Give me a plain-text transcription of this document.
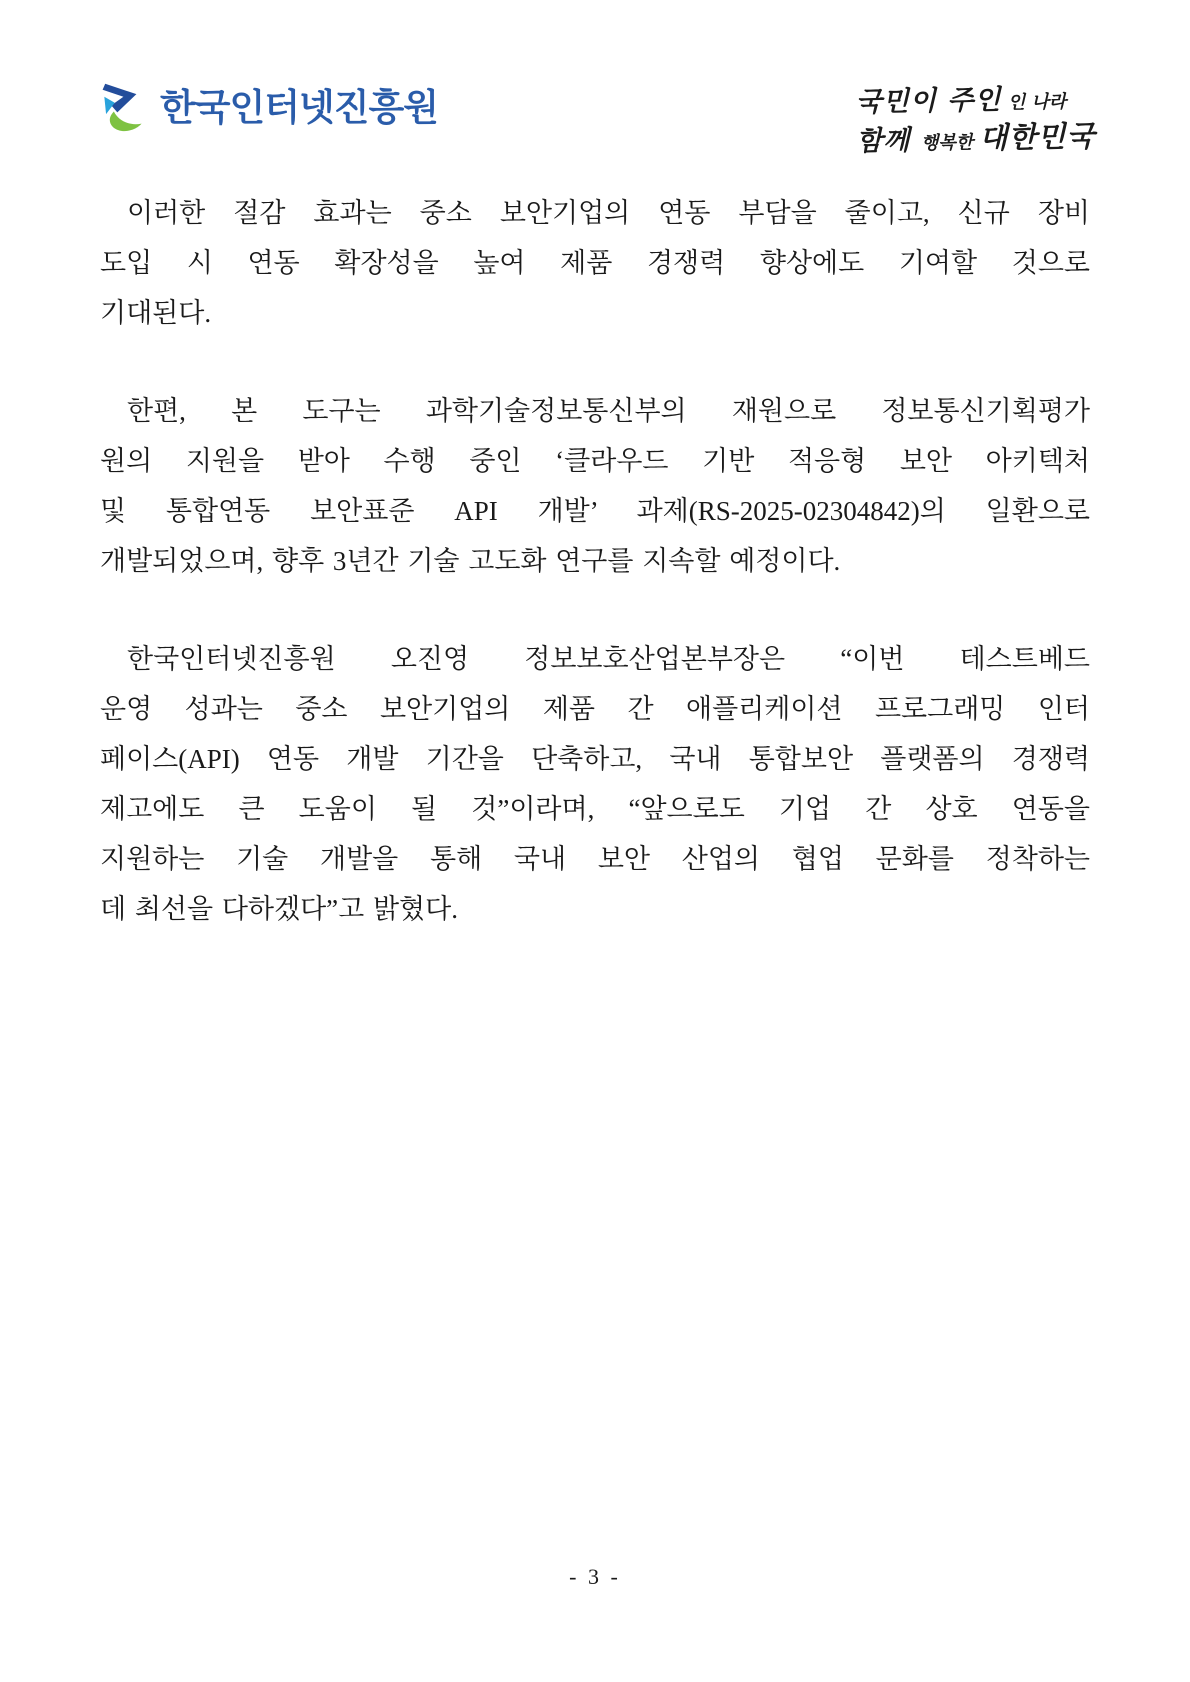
한국인터넷진흥원	국민이 주인 인 나라
함께 행복한 대한민국
이러한 절감 효과는 중소 보안기업의 연동 부담을 줄이고, 신규 장비
도입 시 연동 확장성을 높여 제품 경쟁력 향상에도 기여할 것으로
기대된다.
한편, 본 도구는 과학기술정보통신부의 재원으로 정보통신기획평가
원의 지원을 받아 수행 중인 ‘클라우드 기반 적응형 보안 아키텍처
및 통합연동 보안표준 API 개발’ 과제(RS-2025-02304842)의 일환으로
개발되었으며, 향후 3년간 기술 고도화 연구를 지속할 예정이다.
한국인터넷진흥원 오진영 정보보호산업본부장은 “이번 테스트베드
운영 성과는 중소 보안기업의 제품 간 애플리케이션 프로그래밍 인터
페이스(API) 연동 개발 기간을 단축하고, 국내 통합보안 플랫폼의 경쟁력
제고에도 큰 도움이 될 것”이라며, “앞으로도 기업 간 상호 연동을
지원하는 기술 개발을 통해 국내 보안 산업의 협업 문화를 정착하는
데 최선을 다하겠다”고 밝혔다.
- 3 -
